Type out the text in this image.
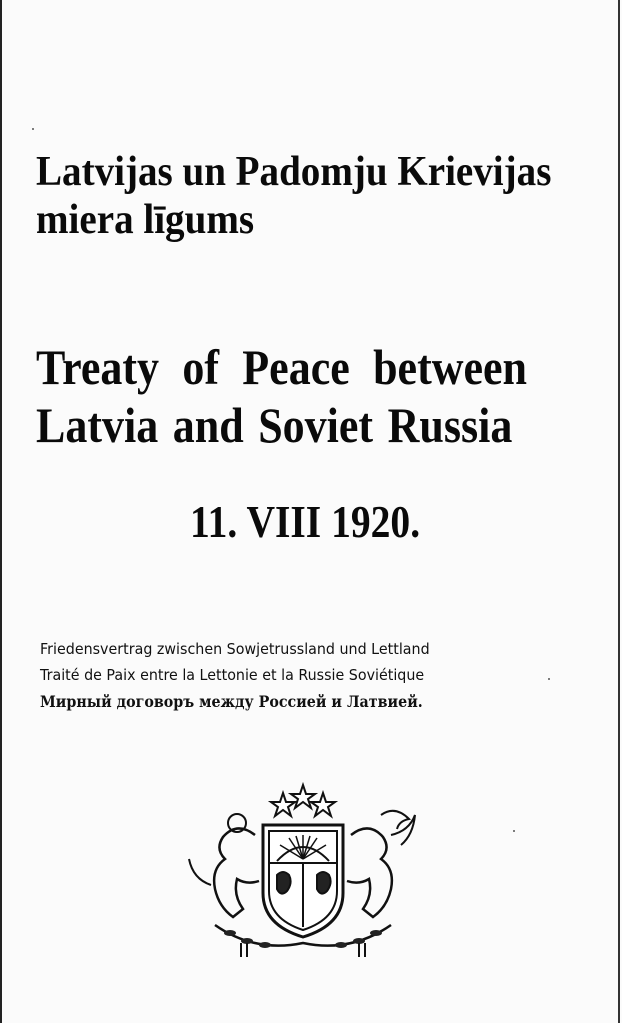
Latvijas un Padomju Krievijas
miera līgums
Treaty of Peace between
Latvia and Soviet Russia
11. VIII 1920.

Friedensvertrag zwischen Sowjetrussland und Lettland

Traité de Paix entre la Lettonie et la Russie Soviétique

Мирный договоръ между Россией и Латвией.
